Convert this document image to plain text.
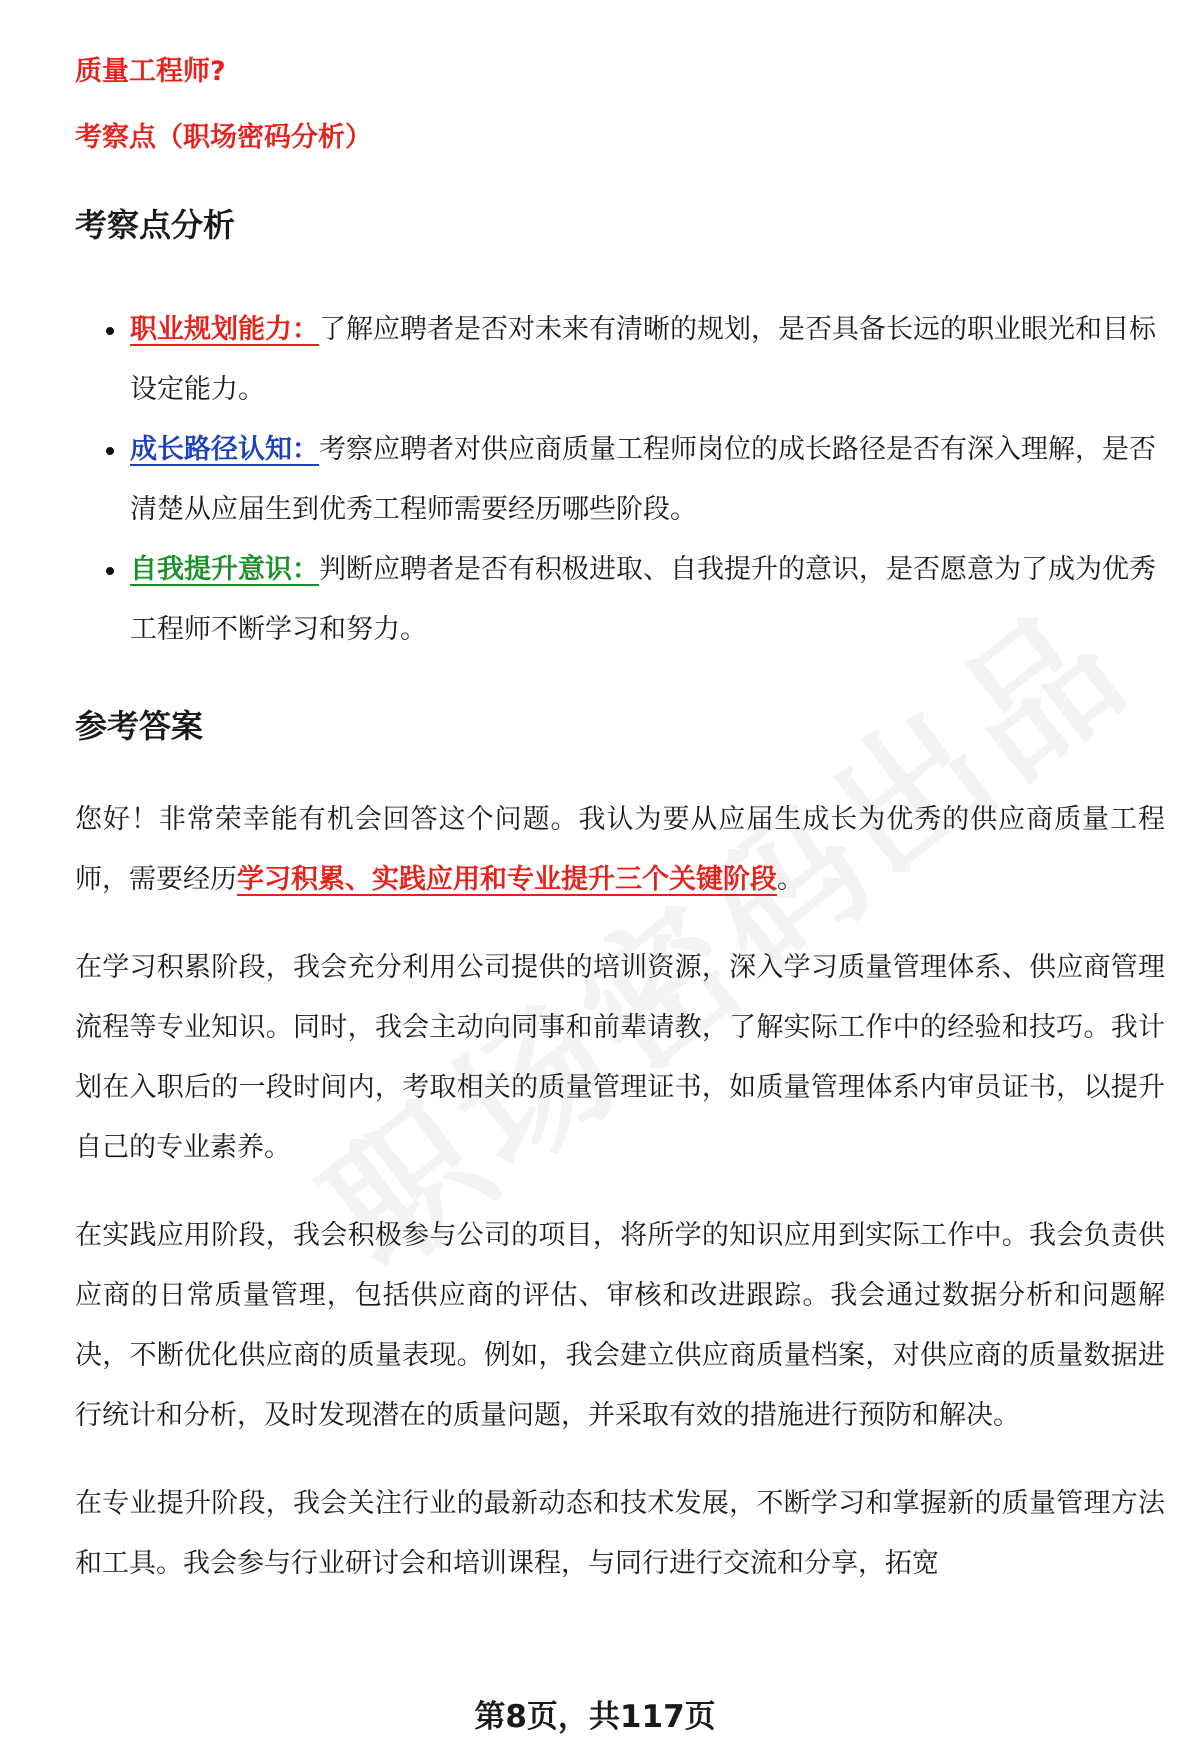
质量工程师?

考察点（职场密码分析）

考察点分析
职业规划能力：了解应聘者是否对未来有清晰的规划，是否具备长远的职业眼光和目标设定能力。
成长路径认知：考察应聘者对供应商质量工程师岗位的成长路径是否有深入理解，是否清楚从应届生到优秀工程师需要经历哪些阶段。
自我提升意识：判断应聘者是否有积极进取、自我提升的意识，是否愿意为了成为优秀工程师不断学习和努力。
参考答案

您好！非常荣幸能有机会回答这个问题。我认为要从应届生成长为优秀的供应商质量工程师，需要经历学习积累、实践应用和专业提升三个关键阶段。

在学习积累阶段，我会充分利用公司提供的培训资源，深入学习质量管理体系、供应商管理流程等专业知识。同时，我会主动向同事和前辈请教，了解实际工作中的经验和技巧。我计划在入职后的一段时间内，考取相关的质量管理证书，如质量管理体系内审员证书，以提升自己的专业素养。

在实践应用阶段，我会积极参与公司的项目，将所学的知识应用到实际工作中。我会负责供应商的日常质量管理，包括供应商的评估、审核和改进跟踪。我会通过数据分析和问题解决，不断优化供应商的质量表现。例如，我会建立供应商质量档案，对供应商的质量数据进行统计和分析，及时发现潜在的质量问题，并采取有效的措施进行预防和解决。

在专业提升阶段，我会关注行业的最新动态和技术发展，不断学习和掌握新的质量管理方法和工具。我会参与行业研讨会和培训课程，与同行进行交流和分享，拓宽

第8页，共117页
